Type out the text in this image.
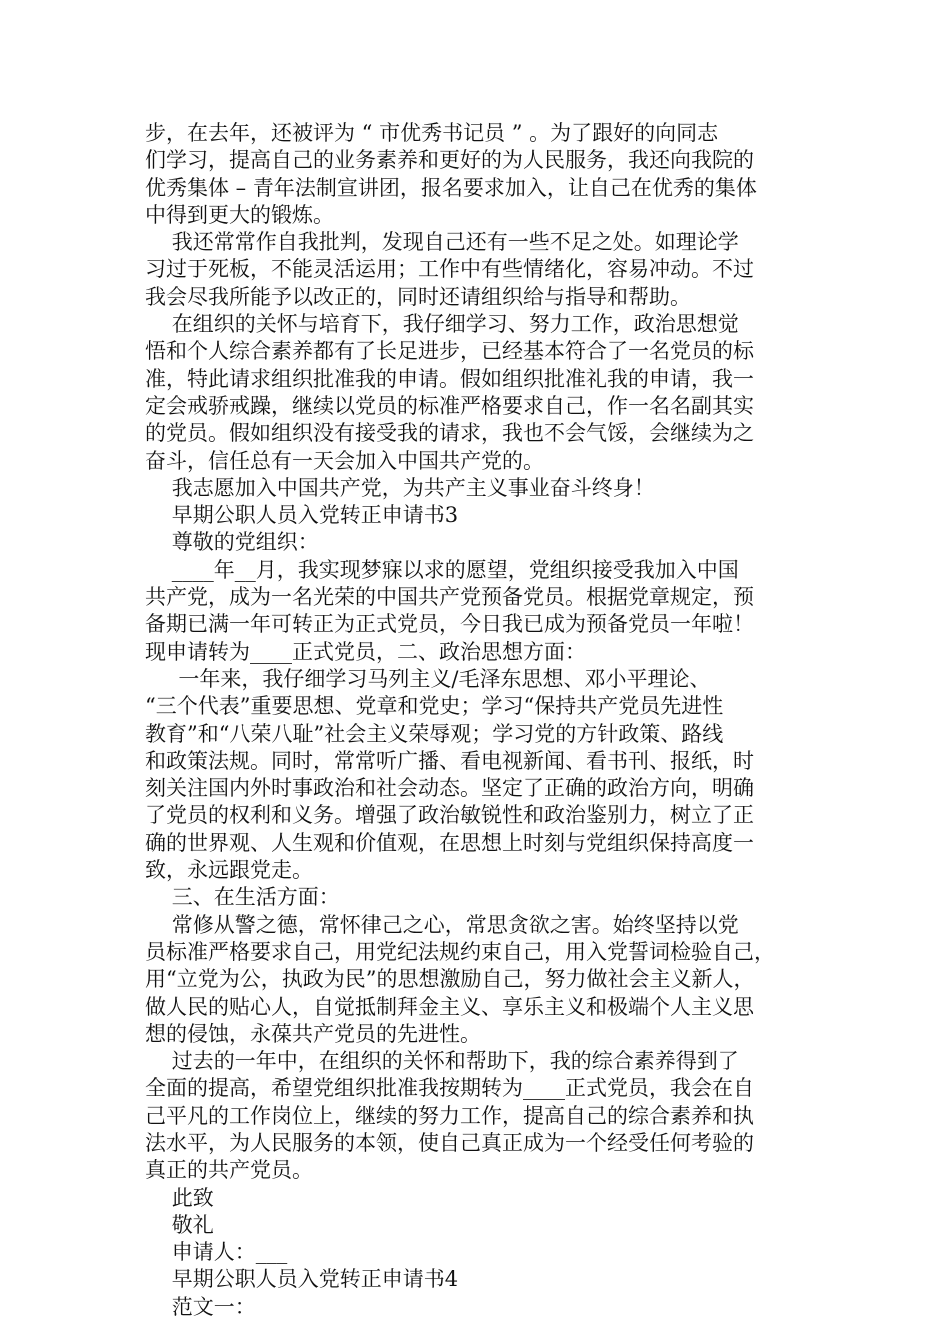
步，在去年，还被评为 “ 市优秀书记员 ” 。为了跟好的向同志
们学习，提高自己的业务素养和更好的为人民服务，我还向我院的
优秀集体 – 青年法制宣讲团，报名要求加入，让自己在优秀的集体
中得到更大的锻炼。
我还常常作自我批判，发现自己还有一些不足之处。如理论学
习过于死板，不能灵活运用；工作中有些情绪化，容易冲动。不过
我会尽我所能予以改正的，同时还请组织给与指导和帮助。
在组织的关怀与培育下，我仔细学习、努力工作，政治思想觉
悟和个人综合素养都有了长足进步，已经基本符合了一名党员的标
准，特此请求组织批准我的申请。假如组织批准礼我的申请，我一
定会戒骄戒躁，继续以党员的标准严格要求自己，作一名名副其实
的党员。假如组织没有接受我的请求，我也不会气馁，会继续为之
奋斗，信任总有一天会加入中国共产党的。
我志愿加入中国共产党，为共产主义事业奋斗终身！
早期公职人员入党转正申请书3
尊敬的党组织：
____年__月，我实现梦寐以求的愿望，党组织接受我加入中国
共产党，成为一名光荣的中国共产党预备党员。根据党章规定，预
备期已满一年可转正为正式党员，今日我已成为预备党员一年啦！
现申请转为____正式党员，二、政治思想方面：
一年来，我仔细学习马列主义/毛泽东思想、邓小平理论、
“三个代表”重要思想、党章和党史；学习“保持共产党员先进性
教育”和“八荣八耻”社会主义荣辱观；学习党的方针政策、路线
和政策法规。同时，常常听广播、看电视新闻、看书刊、报纸，时
刻关注国内外时事政治和社会动态。坚定了正确的政治方向，明确
了党员的权利和义务。增强了政治敏锐性和政治鉴别力，树立了正
确的世界观、人生观和价值观，在思想上时刻与党组织保持高度一
致，永远跟党走。
三、在生活方面：
常修从警之德，常怀律己之心，常思贪欲之害。始终坚持以党
员标准严格要求自己，用党纪法规约束自己，用入党誓词检验自己，
用“立党为公，执政为民”的思想激励自己，努力做社会主义新人，
做人民的贴心人，自觉抵制拜金主义、享乐主义和极端个人主义思
想的侵蚀，永葆共产党员的先进性。
过去的一年中，在组织的关怀和帮助下，我的综合素养得到了
全面的提高，希望党组织批准我按期转为____正式党员，我会在自
己平凡的工作岗位上，继续的努力工作，提高自己的综合素养和执
法水平，为人民服务的本领，使自己真正成为一个经受任何考验的
真正的共产党员。
此致
敬礼
申请人：___
早期公职人员入党转正申请书4
范文一：
